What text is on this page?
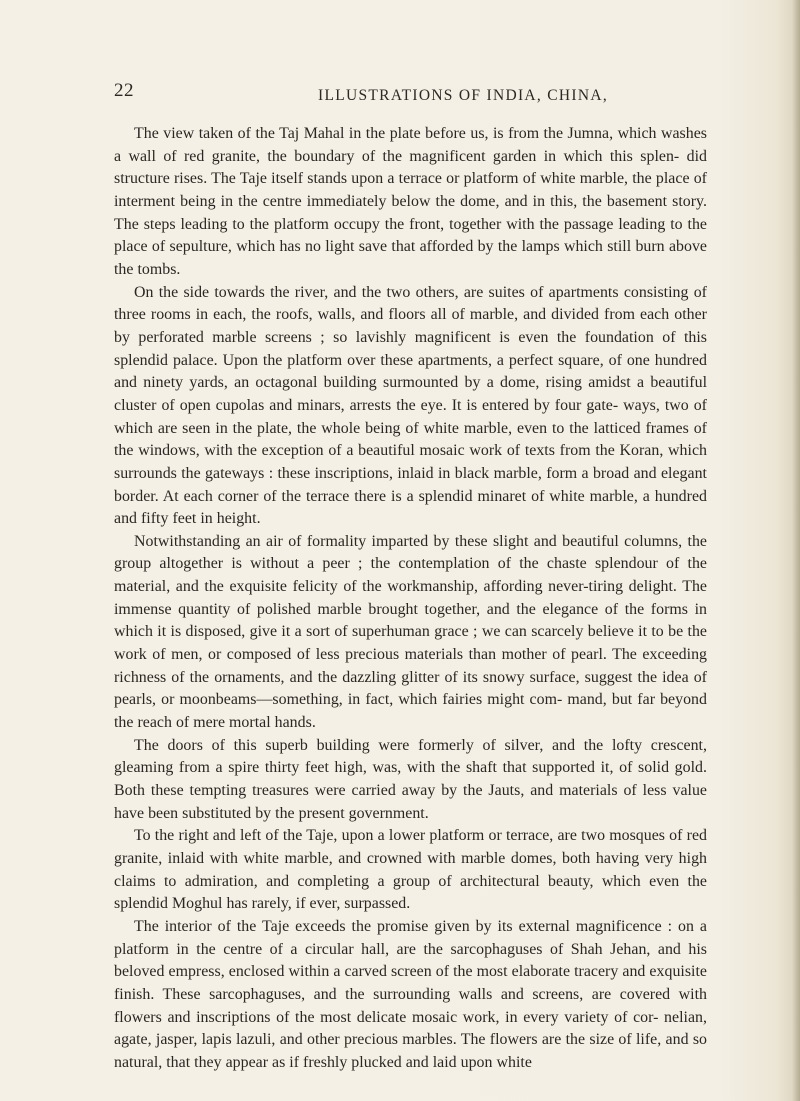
22	ILLUSTRATIONS OF INDIA, CHINA,

The view taken of the Taj Mahal in the plate before us, is from the Jumna, which washes a wall of red granite, the boundary of the magnificent garden in which this splen- did structure rises. The Taje itself stands upon a terrace or platform of white marble, the place of interment being in the centre immediately below the dome, and in this, the basement story. The steps leading to the platform occupy the front, together with the passage leading to the place of sepulture, which has no light save that afforded by the lamps which still burn above the tombs.

On the side towards the river, and the two others, are suites of apartments consisting of three rooms in each, the roofs, walls, and floors all of marble, and divided from each other by perforated marble screens ; so lavishly magnificent is even the foundation of this splendid palace. Upon the platform over these apartments, a perfect square, of one hundred and ninety yards, an octagonal building surmounted by a dome, rising amidst a beautiful cluster of open cupolas and minars, arrests the eye. It is entered by four gate- ways, two of which are seen in the plate, the whole being of white marble, even to the latticed frames of the windows, with the exception of a beautiful mosaic work of texts from the Koran, which surrounds the gateways : these inscriptions, inlaid in black marble, form a broad and elegant border. At each corner of the terrace there is a splendid minaret of white marble, a hundred and fifty feet in height.

Notwithstanding an air of formality imparted by these slight and beautiful columns, the group altogether is without a peer ; the contemplation of the chaste splendour of the material, and the exquisite felicity of the workmanship, affording never-tiring delight. The immense quantity of polished marble brought together, and the elegance of the forms in which it is disposed, give it a sort of superhuman grace ; we can scarcely believe it to be the work of men, or composed of less precious materials than mother of pearl. The exceeding richness of the ornaments, and the dazzling glitter of its snowy surface, suggest the idea of pearls, or moonbeams—something, in fact, which fairies might com- mand, but far beyond the reach of mere mortal hands.

The doors of this superb building were formerly of silver, and the lofty crescent, gleaming from a spire thirty feet high, was, with the shaft that supported it, of solid gold. Both these tempting treasures were carried away by the Jauts, and materials of less value have been substituted by the present government.

To the right and left of the Taje, upon a lower platform or terrace, are two mosques of red granite, inlaid with white marble, and crowned with marble domes, both having very high claims to admiration, and completing a group of architectural beauty, which even the splendid Moghul has rarely, if ever, surpassed.

The interior of the Taje exceeds the promise given by its external magnificence : on a platform in the centre of a circular hall, are the sarcophaguses of Shah Jehan, and his beloved empress, enclosed within a carved screen of the most elaborate tracery and exquisite finish. These sarcophaguses, and the surrounding walls and screens, are covered with flowers and inscriptions of the most delicate mosaic work, in every variety of cor- nelian, agate, jasper, lapis lazuli, and other precious marbles. The flowers are the size of life, and so natural, that they appear as if freshly plucked and laid upon white
